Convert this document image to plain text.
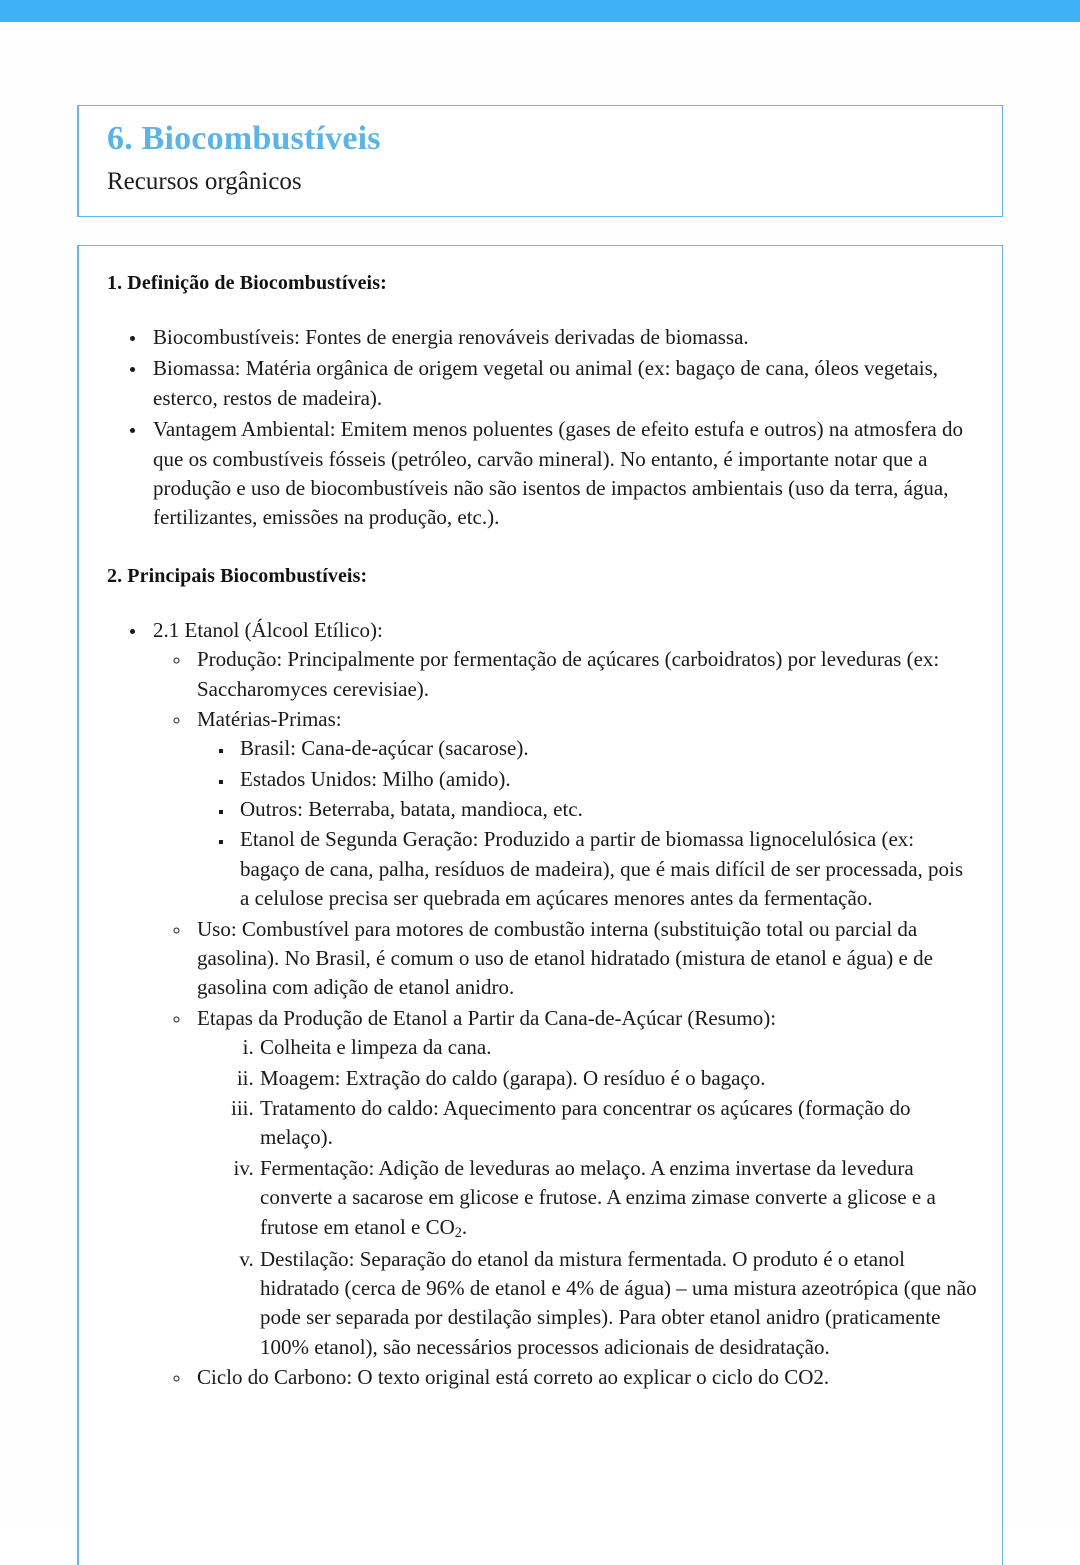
6. Biocombustíveis
Recursos orgânicos
1. Definição de Biocombustíveis:
• Biocombustíveis: Fontes de energia renováveis derivadas de biomassa.
• Biomassa: Matéria orgânica de origem vegetal ou animal (ex: bagaço de cana, óleos vegetais, esterco, restos de madeira).
• Vantagem Ambiental: Emitem menos poluentes (gases de efeito estufa e outros) na atmosfera do que os combustíveis fósseis (petróleo, carvão mineral). No entanto, é importante notar que a produção e uso de biocombustíveis não são isentos de impactos ambientais (uso da terra, água, fertilizantes, emissões na produção, etc.).
2. Principais Biocombustíveis:
• 2.1 Etanol (Álcool Etílico):
◦ Produção: Principalmente por fermentação de açúcares (carboidratos) por leveduras (ex: Saccharomyces cerevisiae).
◦ Matérias-Primas:
▪ Brasil: Cana-de-açúcar (sacarose).
▪ Estados Unidos: Milho (amido).
▪ Outros: Beterraba, batata, mandioca, etc.
▪ Etanol de Segunda Geração: Produzido a partir de biomassa lignocelulósica (ex: bagaço de cana, palha, resíduos de madeira), que é mais difícil de ser processada, pois a celulose precisa ser quebrada em açúcares menores antes da fermentação.
◦ Uso: Combustível para motores de combustão interna (substituição total ou parcial da gasolina). No Brasil, é comum o uso de etanol hidratado (mistura de etanol e água) e de gasolina com adição de etanol anidro.
◦ Etapas da Produção de Etanol a Partir da Cana-de-Açúcar (Resumo):
i. Colheita e limpeza da cana.
ii. Moagem: Extração do caldo (garapa). O resíduo é o bagaço.
iii. Tratamento do caldo: Aquecimento para concentrar os açúcares (formação do melaço).
iv. Fermentação: Adição de leveduras ao melaço. A enzima invertase da levedura converte a sacarose em glicose e frutose. A enzima zimase converte a glicose e a frutose em etanol e $CO_2$.
v. Destilação: Separação do etanol da mistura fermentada. O produto é o etanol hidratado (cerca de 96% de etanol e 4% de água) – uma mistura azeotrópica (que não pode ser separada por destilação simples). Para obter etanol anidro (praticamente 100% etanol), são necessários processos adicionais de desidratação.
◦ Ciclo do Carbono: O texto original está correto ao explicar o ciclo do CO2.
